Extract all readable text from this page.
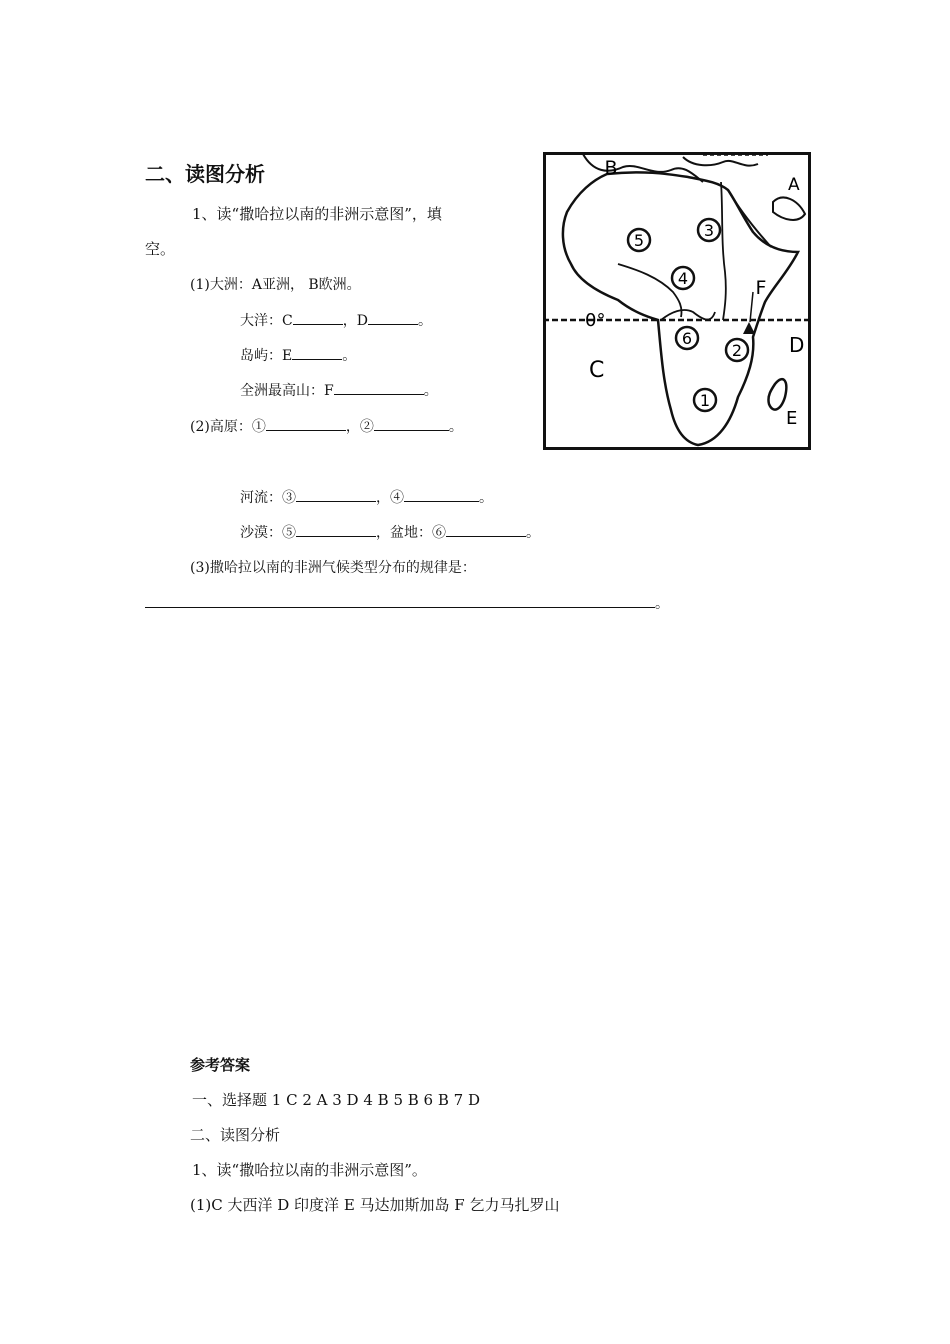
二、读图分析
1、读“撒哈拉以南的非洲示意图”，填
空。
(1)大洲：A亚洲， B欧洲。
大洋：C	，D	。
岛屿：E	。
全洲最高山：F	。
(2)高原：①	，②	。
河流：③	，④	。
沙漠：⑤	，盆地：⑥	。
(3)撒哈拉以南的非洲气候类型分布的规律是：
。
3
5
4
6
2
1
B
A
F
D
C
E
0°
参考答案
一、选择题 1 C 2 A 3 D 4 B 5 B 6 B 7 D
二、读图分析
1、读“撒哈拉以南的非洲示意图”。
(1)C 大西洋 D 印度洋 E 马达加斯加岛 F 乞力马扎罗山
